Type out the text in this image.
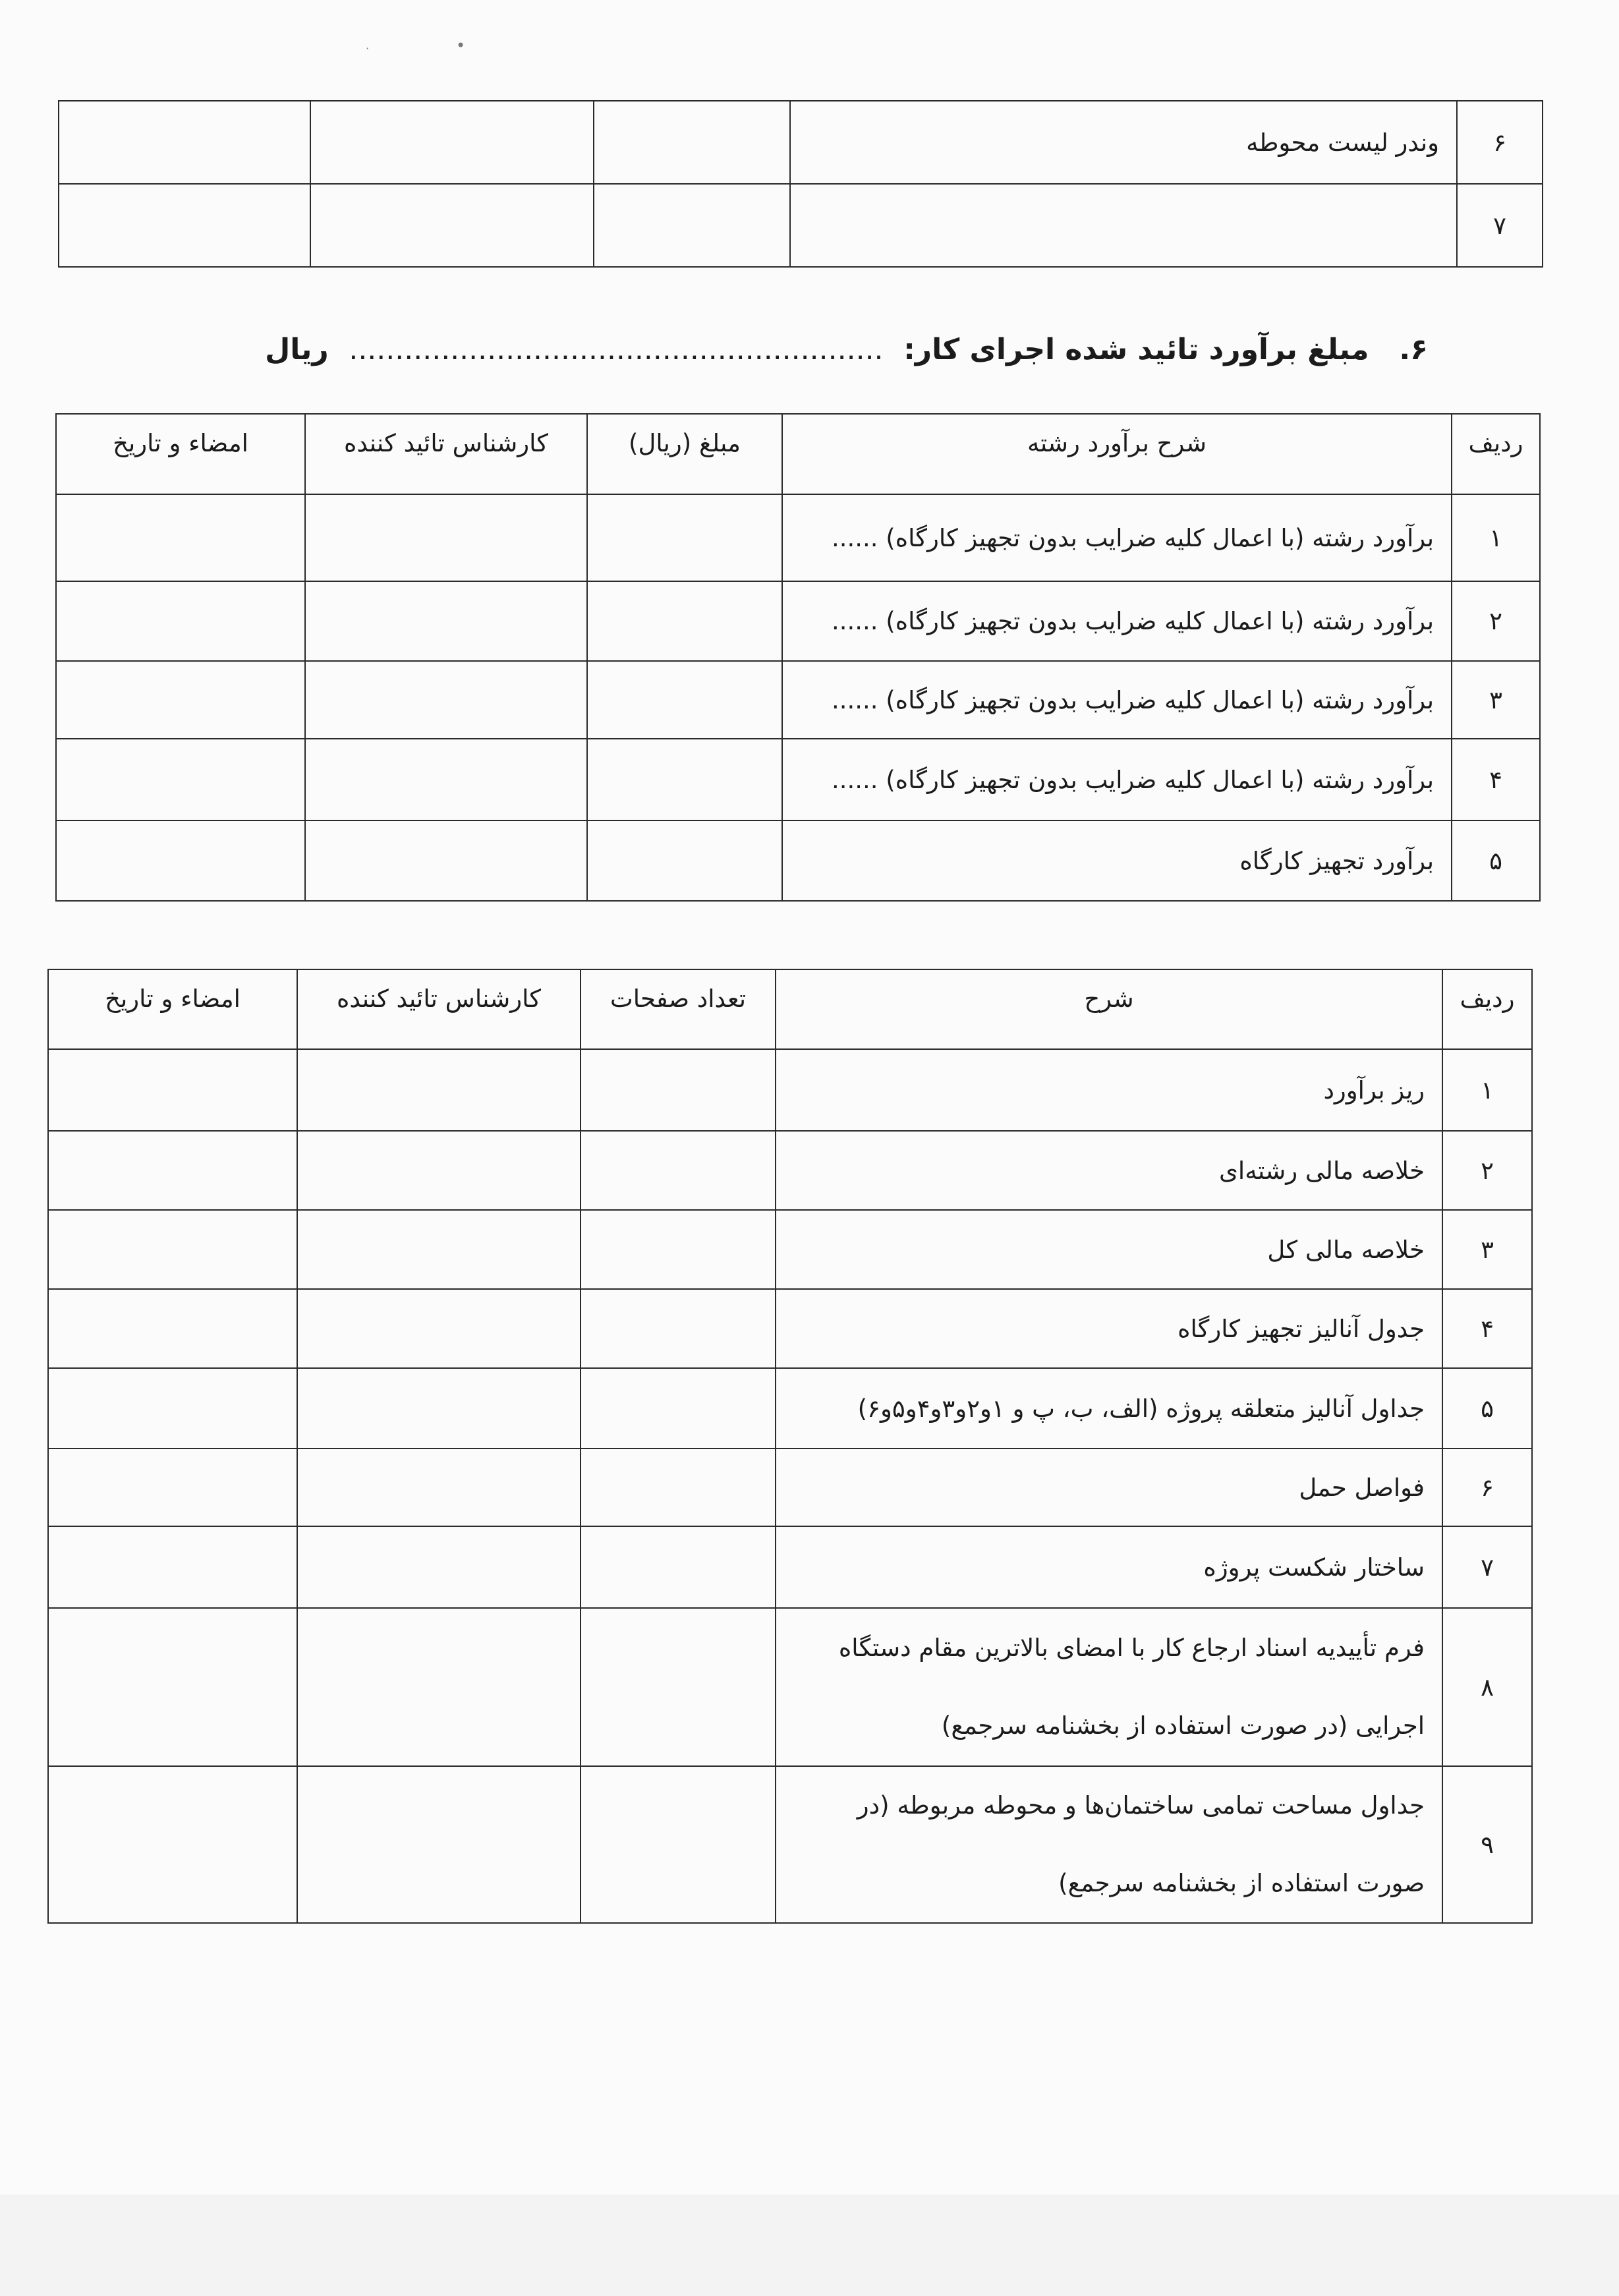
•
·
۶	وندر لیست محوطه			
۷				
۶.   مبلغ برآورد تائید شده اجرای کار:  ..........................................................  ریال
ردیف	شرح برآورد رشته	مبلغ (ریال)	کارشناس تائید کننده	امضاء و تاریخ
۱	برآورد رشته (با اعمال کلیه ضرایب بدون تجهیز کارگاه) ......			
۲	برآورد رشته (با اعمال کلیه ضرایب بدون تجهیز کارگاه) ......			
۳	برآورد رشته (با اعمال کلیه ضرایب بدون تجهیز کارگاه) ......			
۴	برآورد رشته (با اعمال کلیه ضرایب بدون تجهیز کارگاه) ......			
۵	برآورد تجهیز کارگاه			
ردیف	شرح	تعداد صفحات	کارشناس تائید کننده	امضاء و تاریخ
۱	ریز برآورد			
۲	خلاصه مالی رشته‌ای			
۳	خلاصه مالی کل			
۴	جدول آنالیز تجهیز کارگاه			
۵	جداول آنالیز متعلقه پروژه (الف، ب، پ و ۱و۲و۳و۴و۵و۶)			
۶	فواصل حمل			
۷	ساختار شکست پروژه			
۸	فرم تأییدیه اسناد ارجاع کار با امضای بالاترین مقام دستگاه اجرایی (در صورت استفاده از بخشنامه سرجمع)			
۹	جداول مساحت تمامی ساختمان‌ها و محوطه مربوطه (در صورت استفاده از بخشنامه سرجمع)			
